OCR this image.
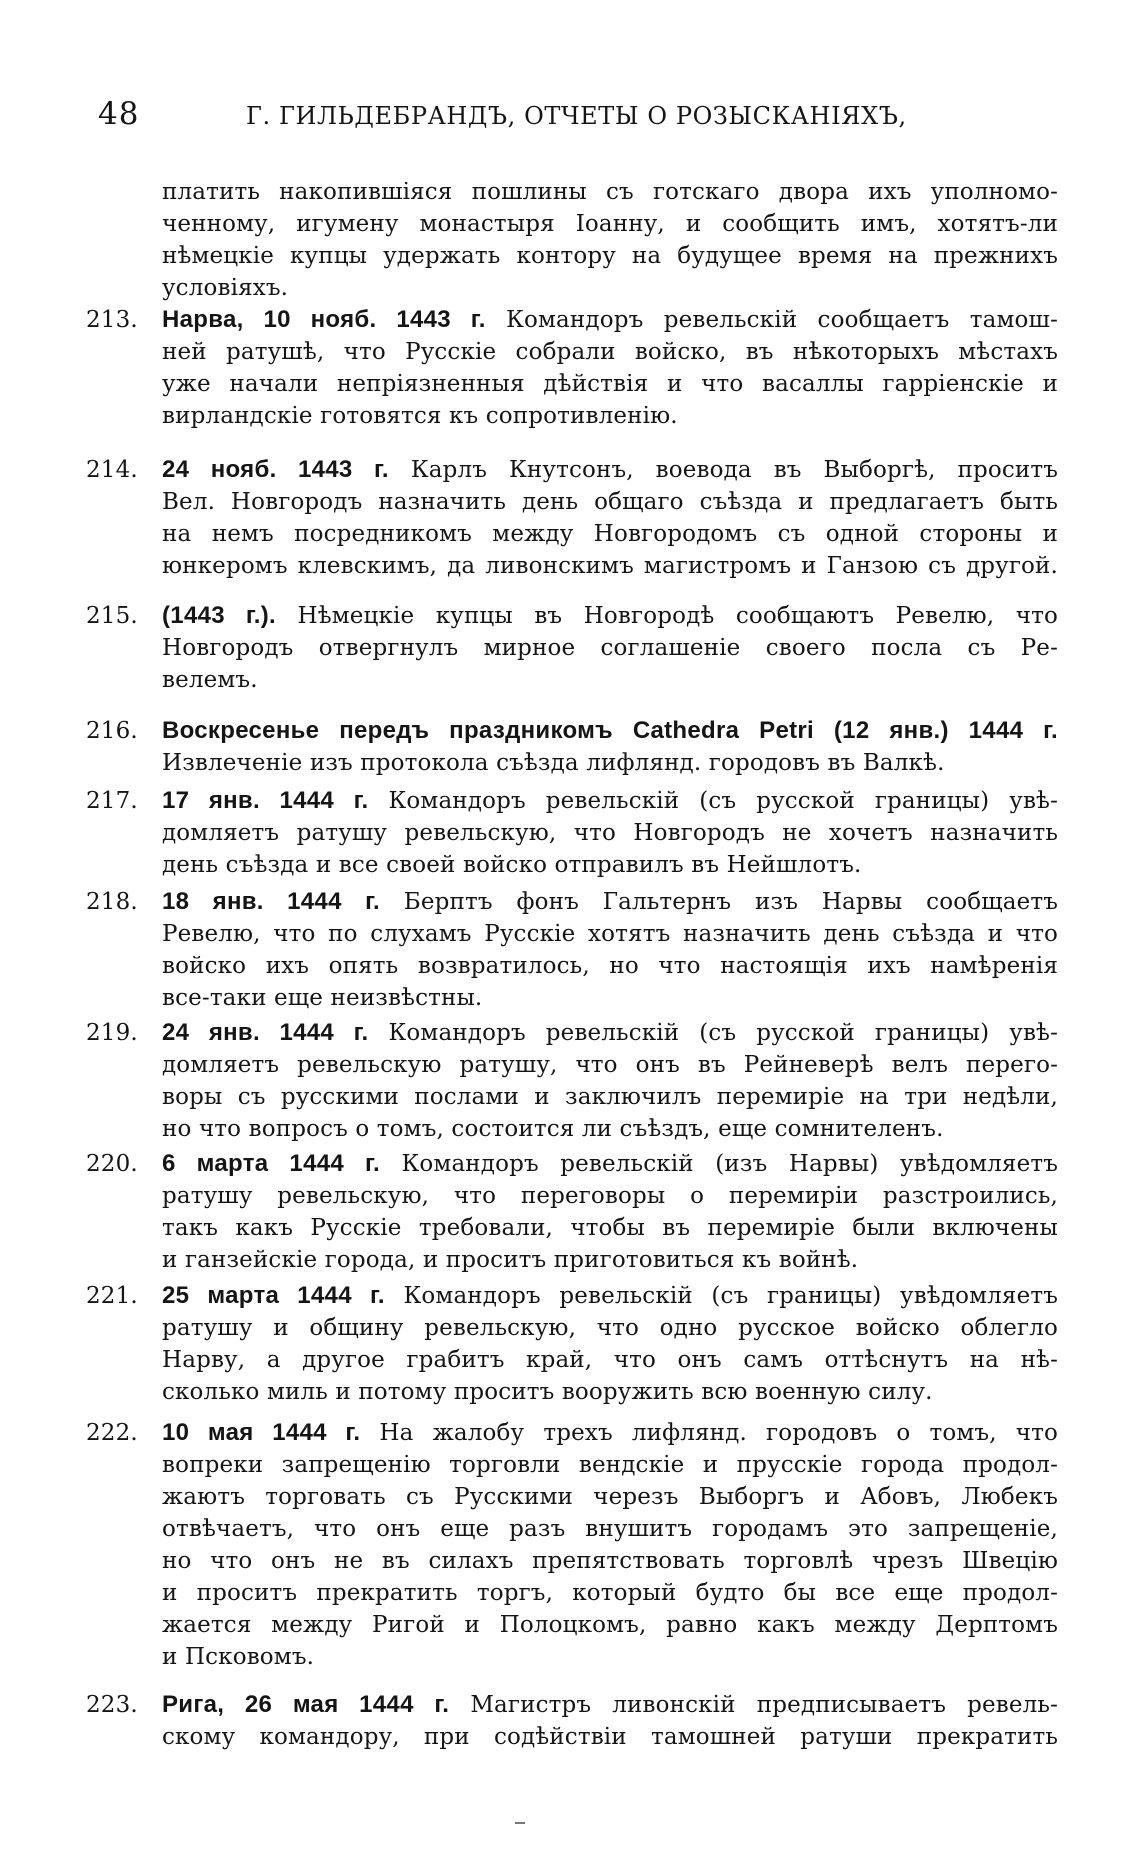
48	Г. ГИЛЬДЕБРАНДЪ, ОТЧЕТЫ О РОЗЫСКАНІЯХЪ,
платить накопившіяся пошлины съ готскаго двора ихъ уполномо-
ченному, игумену монастыря Іоанну, и сообщить имъ, хотятъ-ли
нѣмецкіе купцы удержать контору на будущее время на прежнихъ
условіяхъ.
213.	Нарва, 10 нояб. 1443 г. Командоръ ревельскій сообщаетъ тамош-
ней ратушѣ, что Русскіе собрали войско, въ нѣкоторыхъ мѣстахъ
уже начали непріязненныя дѣйствія и что васаллы гарріенскіе и
вирландскіе готовятся къ сопротивленію.
214.	24 нояб. 1443 г. Карлъ Кнутсонъ, воевода въ Выборгѣ, проситъ
Вел. Новгородъ назначить день общаго съѣзда и предлагаетъ быть
на немъ посредникомъ между Новгородомъ съ одной стороны и
юнкеромъ клевскимъ, да ливонскимъ магистромъ и Ганзою съ другой.
215.	(1443 г.). Нѣмецкіе купцы въ Новгородѣ сообщаютъ Ревелю, что
Новгородъ отвергнулъ мирное соглашеніе своего посла съ Ре-
велемъ.
216.	Воскресенье передъ праздникомъ Cathedra Petri (12 янв.) 1444 г.
Извлеченіе изъ протокола съѣзда лифлянд. городовъ въ Валкѣ.
217.	17 янв. 1444 г. Командоръ ревельскій (съ русской границы) увѣ-
домляетъ ратушу ревельскую, что Новгородъ не хочетъ назначить
день съѣзда и все своей войско отправилъ въ Нейшлотъ.
218.	18 янв. 1444 г. Берптъ фонъ Гальтернъ изъ Нарвы сообщаетъ
Ревелю, что по слухамъ Русскіе хотятъ назначить день съѣзда и что
войско ихъ опять возвратилось, но что настоящія ихъ намѣренія
все-таки еще неизвѣстны.
219.	24 янв. 1444 г. Командоръ ревельскій (съ русской границы) увѣ-
домляетъ ревельскую ратушу, что онъ въ Рейневерѣ велъ перего-
воры съ русскими послами и заключилъ перемиріе на три недѣли,
но что вопросъ о томъ, состоится ли съѣздъ, еще сомнителенъ.
220.	6 марта 1444 г. Командоръ ревельскій (изъ Нарвы) увѣдомляетъ
ратушу ревельскую, что переговоры о перемиріи разстроились,
такъ какъ Русскіе требовали, чтобы въ перемиріе были включены
и ганзейскіе города, и проситъ приготовиться къ войнѣ.
221.	25 марта 1444 г. Командоръ ревельскій (съ границы) увѣдомляетъ
ратушу и общину ревельскую, что одно русское войско облегло
Нарву, а другое грабитъ край, что онъ самъ оттѣснутъ на нѣ-
сколько миль и потому проситъ вооружить всю военную силу.
222.	10 мая 1444 г. На жалобу трехъ лифлянд. городовъ о томъ, что
вопреки запрещенію торговли вендскіе и прусскіе города продол-
жаютъ торговать съ Русскими черезъ Выборгъ и Абовъ, Любекъ
отвѣчаетъ, что онъ еще разъ внушитъ городамъ это запрещеніе,
но что онъ не въ силахъ препятствовать торговлѣ чрезъ Швецію
и проситъ прекратить торгъ, который будто бы все еще продол-
жается между Ригой и Полоцкомъ, равно какъ между Дерптомъ
и Псковомъ.
223.	Рига, 26 мая 1444 г. Магистръ ливонскій предписываетъ ревель-
скому командору, при содѣйствіи тамошней ратуши прекратить
